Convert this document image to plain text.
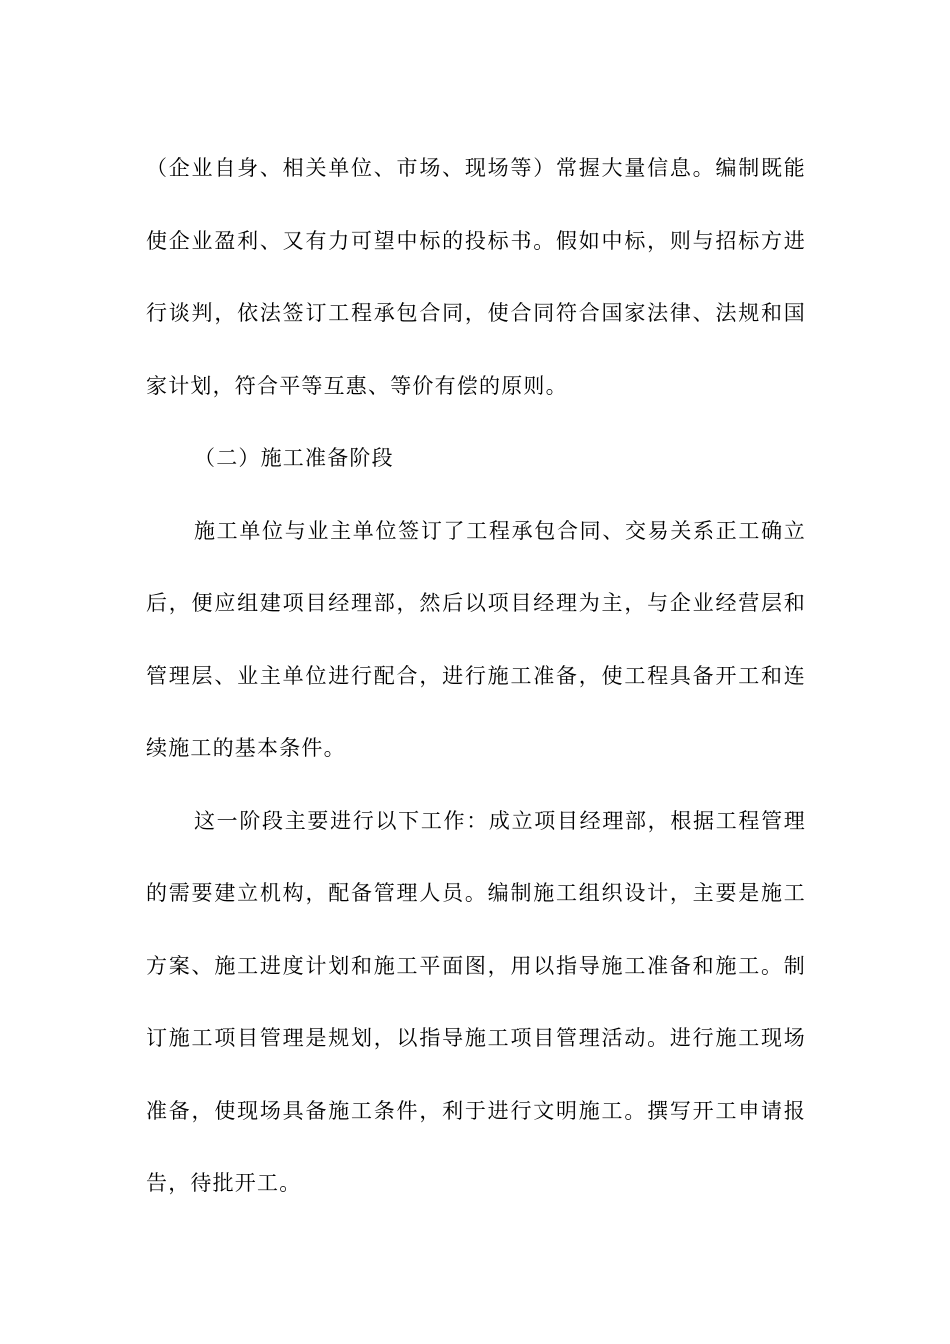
（企业自身、相关单位、市场、现场等）常握大量信息。编制既能使企业盈利、又有力可望中标的投标书。假如中标，则与招标方进行谈判，依法签订工程承包合同，使合同符合国家法律、法规和国家计划，符合平等互惠、等价有偿的原则。

（二）施工准备阶段

施工单位与业主单位签订了工程承包合同、交易关系正工确立后，便应组建项目经理部，然后以项目经理为主，与企业经营层和管理层、业主单位进行配合，进行施工准备，使工程具备开工和连续施工的基本条件。

这一阶段主要进行以下工作：成立项目经理部，根据工程管理的需要建立机构，配备管理人员。编制施工组织设计，主要是施工方案、施工进度计划和施工平面图，用以指导施工准备和施工。制订施工项目管理是规划，以指导施工项目管理活动。进行施工现场准备，使现场具备施工条件，利于进行文明施工。撰写开工申请报告，待批开工。
